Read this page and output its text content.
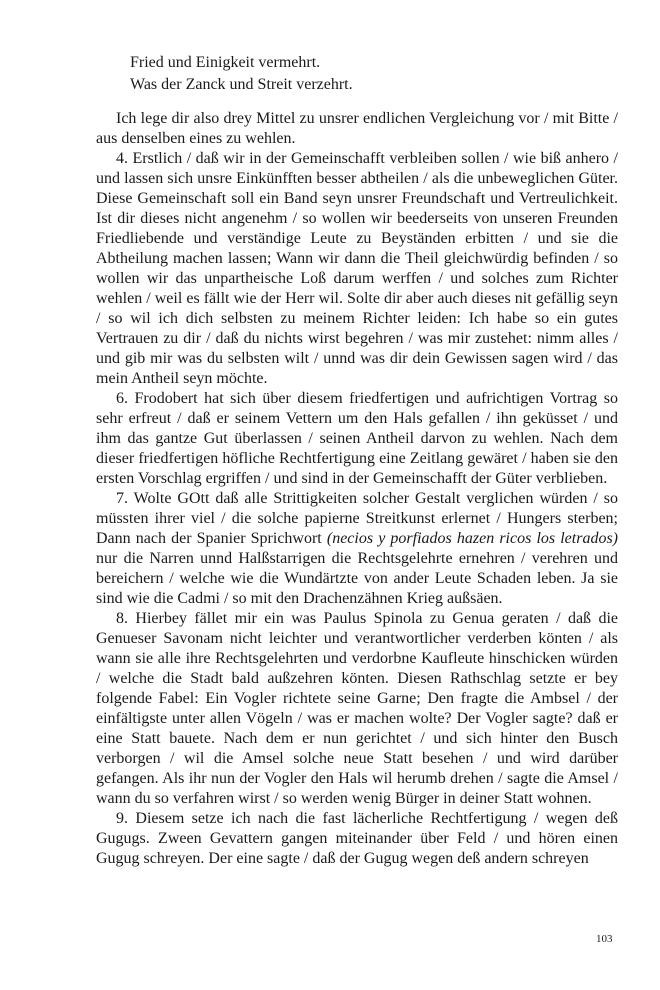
Fried und Einigkeit vermehrt.
Was der Zanck und Streit verzehrt.

Ich lege dir also drey Mittel zu unsrer endlichen Vergleichung vor / mit Bitte / aus denselben eines zu wehlen.

4. Erstlich / daß wir in der Gemeinschafft verbleiben sollen / wie biß anhero / und lassen sich unsre Einkünfften besser abtheilen / als die unbeweglichen Güter. Diese Gemeinschaft soll ein Band seyn unsrer Freundschaft und Vertreulichkeit. Ist dir dieses nicht angenehm / so wollen wir beederseits von unseren Freunden Friedliebende und verständige Leute zu Beyständen erbitten / und sie die Abtheilung machen lassen; Wann wir dann die Theil gleichwürdig befinden / so wollen wir das unpartheische Loß darum werffen / und solches zum Richter wehlen / weil es fällt wie der Herr wil. Solte dir aber auch dieses nit gefällig seyn / so wil ich dich selbsten zu meinem Richter leiden: Ich habe so ein gutes Vertrauen zu dir / daß du nichts wirst begehren / was mir zustehet: nimm alles / und gib mir was du selbsten wilt / unnd was dir dein Gewissen sagen wird / das mein Antheil seyn möchte.

6. Frodobert hat sich über diesem friedfertigen und aufrichtigen Vortrag so sehr erfreut / daß er seinem Vettern um den Hals gefallen / ihn geküsset / und ihm das gantze Gut überlassen / seinen Antheil darvon zu wehlen. Nach dem dieser friedfertigen höfliche Rechtfertigung eine Zeitlang gewäret / haben sie den ersten Vorschlag ergriffen / und sind in der Gemeinschafft der Güter verblieben.

7. Wolte GOtt daß alle Strittigkeiten solcher Gestalt verglichen würden / so müssten ihrer viel / die solche papierne Streitkunst erlernet / Hungers sterben; Dann nach der Spanier Sprichwort (necios y porfiados hazen ricos los letrados) nur die Narren unnd Halßstarrigen die Rechtsgelehrte ernehren / verehren und bereichern / welche wie die Wundärtzte von ander Leute Schaden leben. Ja sie sind wie die Cadmi / so mit den Drachenzähnen Krieg außsäen.

8. Hierbey fället mir ein was Paulus Spinola zu Genua geraten / daß die Genueser Savonam nicht leichter und verantwortlicher verderben könten / als wann sie alle ihre Rechtsgelehrten und verdorbne Kaufleute hinschicken würden / welche die Stadt bald außzehren könten. Diesen Rathschlag setzte er bey folgende Fabel: Ein Vogler richtete seine Garne; Den fragte die Ambsel / der einfältigste unter allen Vögeln / was er machen wolte? Der Vogler sagte? daß er eine Statt bauete. Nach dem er nun gerichtet / und sich hinter den Busch verborgen / wil die Amsel solche neue Statt besehen / und wird darüber gefangen. Als ihr nun der Vogler den Hals wil herumb drehen / sagte die Amsel / wann du so verfahren wirst / so werden wenig Bürger in deiner Statt wohnen.

9. Diesem setze ich nach die fast lächerliche Rechtfertigung / wegen deß Gugugs. Zween Gevattern gangen miteinander über Feld / und hören einen Gugug schreyen. Der eine sagte / daß der Gugug wegen deß andern schreyen

103
